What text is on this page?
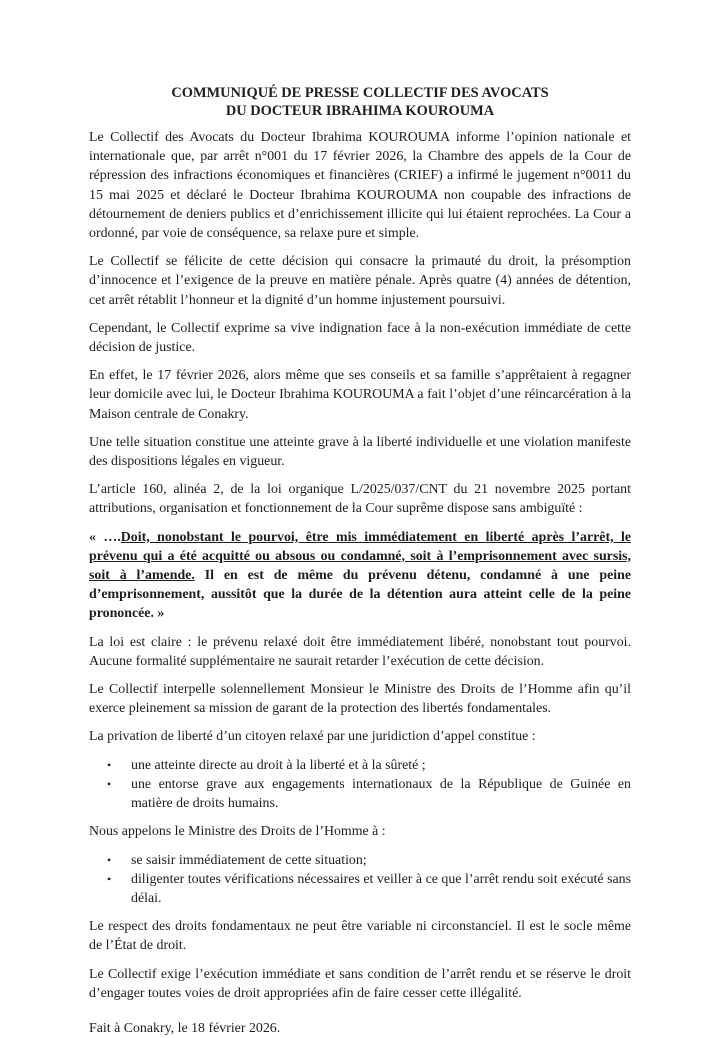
COMMUNIQUÉ DE PRESSE COLLECTIF DES AVOCATS
DU DOCTEUR IBRAHIMA KOUROUMA

Le Collectif des Avocats du Docteur Ibrahima KOUROUMA informe l’opinion nationale et internationale que, par arrêt n°001 du 17 février 2026, la Chambre des appels de la Cour de répression des infractions économiques et financières (CRIEF) a infirmé le jugement n°0011 du 15 mai 2025 et déclaré le Docteur Ibrahima KOUROUMA non coupable des infractions de détournement de deniers publics et d’enrichissement illicite qui lui étaient reprochées. La Cour a ordonné, par voie de conséquence, sa relaxe pure et simple.

Le Collectif se félicite de cette décision qui consacre la primauté du droit, la présomption d’innocence et l’exigence de la preuve en matière pénale. Après quatre (4) années de détention, cet arrêt rétablit l’honneur et la dignité d’un homme injustement poursuivi.

Cependant, le Collectif exprime sa vive indignation face à la non-exécution immédiate de cette décision de justice.

En effet, le 17 février 2026, alors même que ses conseils et sa famille s’apprêtaient à regagner leur domicile avec lui, le Docteur Ibrahima KOUROUMA a fait l’objet d’une réincarcération à la Maison centrale de Conakry.

Une telle situation constitue une atteinte grave à la liberté individuelle et une violation manifeste des dispositions légales en vigueur.

L’article 160, alinéa 2, de la loi organique L/2025/037/CNT du 21 novembre 2025 portant attributions, organisation et fonctionnement de la Cour suprême dispose sans ambiguïté :

« ….Doit, nonobstant le pourvoi, être mis immédiatement en liberté après l’arrêt, le prévenu qui a été acquitté ou absous ou condamné, soit à l’emprisonnement avec sursis, soit à l’amende. Il en est de même du prévenu détenu, condamné à une peine d’emprisonnement, aussitôt que la durée de la détention aura atteint celle de la peine prononcée. »

La loi est claire : le prévenu relaxé doit être immédiatement libéré, nonobstant tout pourvoi. Aucune formalité supplémentaire ne saurait retarder l’exécution de cette décision.

Le Collectif interpelle solennellement Monsieur le Ministre des Droits de l’Homme afin qu’il exerce pleinement sa mission de garant de la protection des libertés fondamentales.

La privation de liberté d’un citoyen relaxé par une juridiction d’appel constitue :

• une atteinte directe au droit à la liberté et à la sûreté ;
• une entorse grave aux engagements internationaux de la République de Guinée en matière de droits humains.

Nous appelons le Ministre des Droits de l’Homme à :

• se saisir immédiatement de cette situation;
• diligenter toutes vérifications nécessaires et veiller à ce que l’arrêt rendu soit exécuté sans délai.

Le respect des droits fondamentaux ne peut être variable ni circonstanciel. Il est le socle même de l’État de droit.

Le Collectif exige l’exécution immédiate et sans condition de l’arrêt rendu et se réserve le droit d’engager toutes voies de droit appropriées afin de faire cesser cette illégalité.

Fait à Conakry, le 18 février 2026.
